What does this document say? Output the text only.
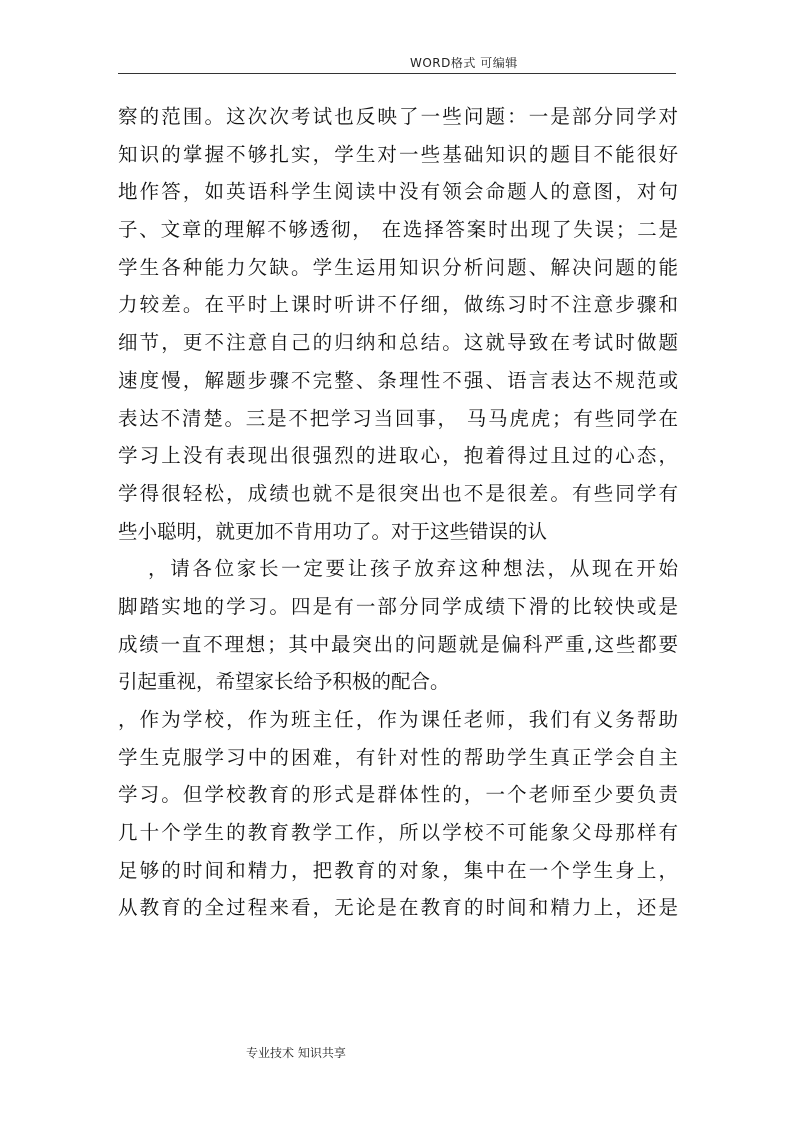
WORD格式 可编辑
察的范围。这次次考试也反映了一些问题：一是部分同学对
知识的掌握不够扎实，学生对一些基础知识的题目不能很好
地作答，如英语科学生阅读中没有领会命题人的意图，对句
子、文章的理解不够透彻， 在选择答案时出现了失误；二是
学生各种能力欠缺。学生运用知识分析问题、解决问题的能
力较差。在平时上课时听讲不仔细，做练习时不注意步骤和
细节，更不注意自己的归纳和总结。这就导致在考试时做题
速度慢，解题步骤不完整、条理性不强、语言表达不规范或
表达不清楚。三是不把学习当回事， 马马虎虎；有些同学在
学习上没有表现出很强烈的进取心，抱着得过且过的心态，
学得很轻松，成绩也就不是很突出也不是很差。有些同学有
些小聪明，就更加不肯用功了。对于这些错误的认
，请各位家长一定要让孩子放弃这种想法，从现在开始
脚踏实地的学习。四是有一部分同学成绩下滑的比较快或是
成绩一直不理想；其中最突出的问题就是偏科严重,这些都要
引起重视，希望家长给予积极的配合。
，作为学校，作为班主任，作为课任老师，我们有义务帮助
学生克服学习中的困难，有针对性的帮助学生真正学会自主
学习。但学校教育的形式是群体性的，一个老师至少要负责
几十个学生的教育教学工作，所以学校不可能象父母那样有
足够的时间和精力，把教育的对象，集中在一个学生身上，
从教育的全过程来看，无论是在教育的时间和精力上，还是
专业技术 知识共享
